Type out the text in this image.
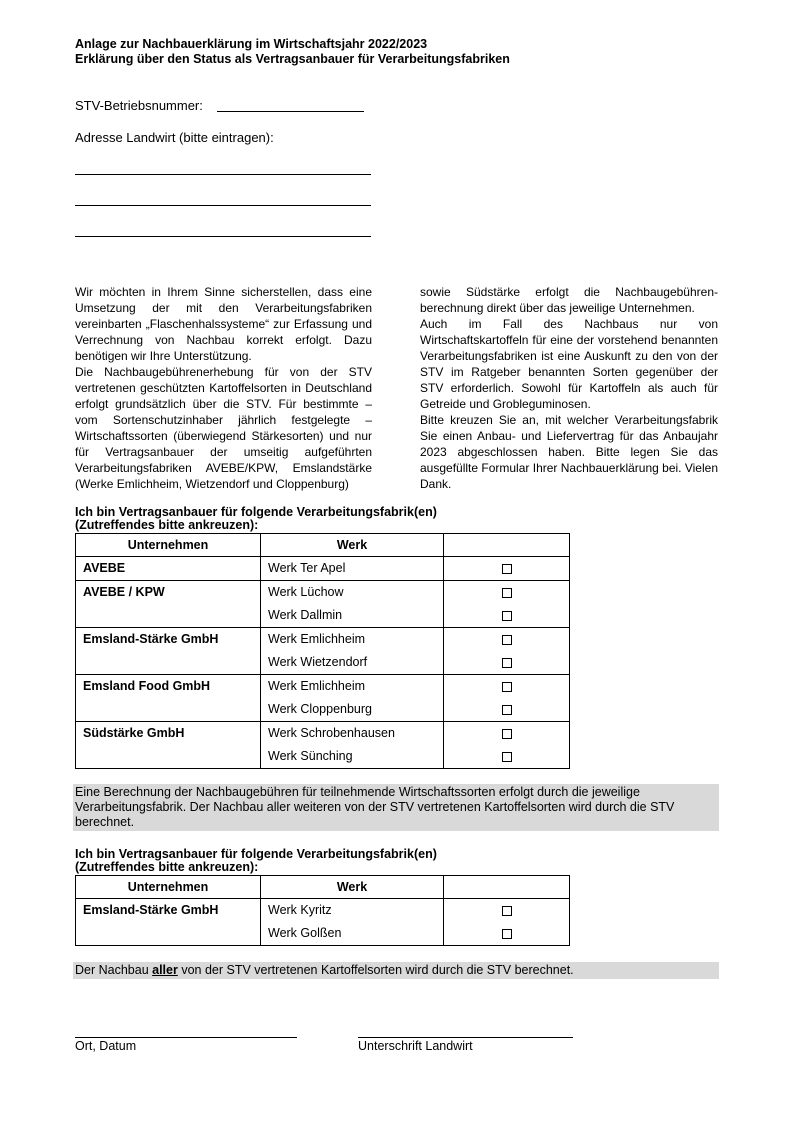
Anlage zur Nachbauerklärung im Wirtschaftsjahr 2022/2023
Erklärung über den Status als Vertragsanbauer für Verarbeitungsfabriken
STV-Betriebsnummer:
Adresse Landwirt (bitte eintragen):

Wir möchten in Ihrem Sinne sicherstellen, dass eine Umsetzung der mit den Verarbeitungsfabriken vereinbarten „Flaschenhalssysteme“ zur Erfassung und Verrechnung von Nachbau korrekt erfolgt. Dazu benötigen wir Ihre Unterstützung.

Die Nachbaugebührenerhebung für von der STV vertretenen geschützten Kartoffelsorten in Deutschland erfolgt grundsätzlich über die STV. Für bestimmte – vom Sortenschutzinhaber jährlich festgelegte – Wirtschaftssorten (überwiegend Stärkesorten) und nur für Vertragsanbauer der umseitig aufgeführten Verarbeitungsfabriken AVEBE/KPW, Emslandstärke (Werke Emlichheim, Wietzendorf und Cloppenburg)

sowie Südstärke erfolgt die Nachbaugebühren-berechnung direkt über das jeweilige Unternehmen.

Auch im Fall des Nachbaus nur von Wirtschaftskartoffeln für eine der vorstehend benannten Verarbeitungsfabriken ist eine Auskunft zu den von der STV im Ratgeber benannten Sorten gegenüber der STV erforderlich. Sowohl für Kartoffeln als auch für Getreide und Grobleguminosen.

Bitte kreuzen Sie an, mit welcher Verarbeitungsfabrik Sie einen Anbau- und Liefervertrag für das Anbaujahr 2023 abgeschlossen haben. Bitte legen Sie das ausgefüllte Formular Ihrer Nachbauerklärung bei. Vielen Dank.

Ich bin Vertragsanbauer für folgende Verarbeitungsfabrik(en)
(Zutreffendes bitte ankreuzen):
Unternehmen	Werk	

AVEBE	Werk Ter Apel	

AVEBE / KPW	Werk Lüchow
Werk Dallmin	

Emsland-Stärke GmbH	Werk Emlichheim
Werk Wietzendorf	

Emsland Food GmbH	Werk Emlichheim
Werk Cloppenburg	

Südstärke GmbH	Werk Schrobenhausen
Werk Sünching	

Eine Berechnung der Nachbaugebühren für teilnehmende Wirtschaftssorten erfolgt durch die jeweilige Verarbeitungsfabrik. Der Nachbau aller weiteren von der STV vertretenen Kartoffelsorten wird durch die STV berechnet.
Ich bin Vertragsanbauer für folgende Verarbeitungsfabrik(en)
(Zutreffendes bitte ankreuzen):
Unternehmen	Werk	

Emsland-Stärke GmbH	Werk Kyritz
Werk Golßen	

Der Nachbau aller von der STV vertretenen Kartoffelsorten wird durch die STV berechnet.
Ort, Datum	Unterschrift Landwirt
